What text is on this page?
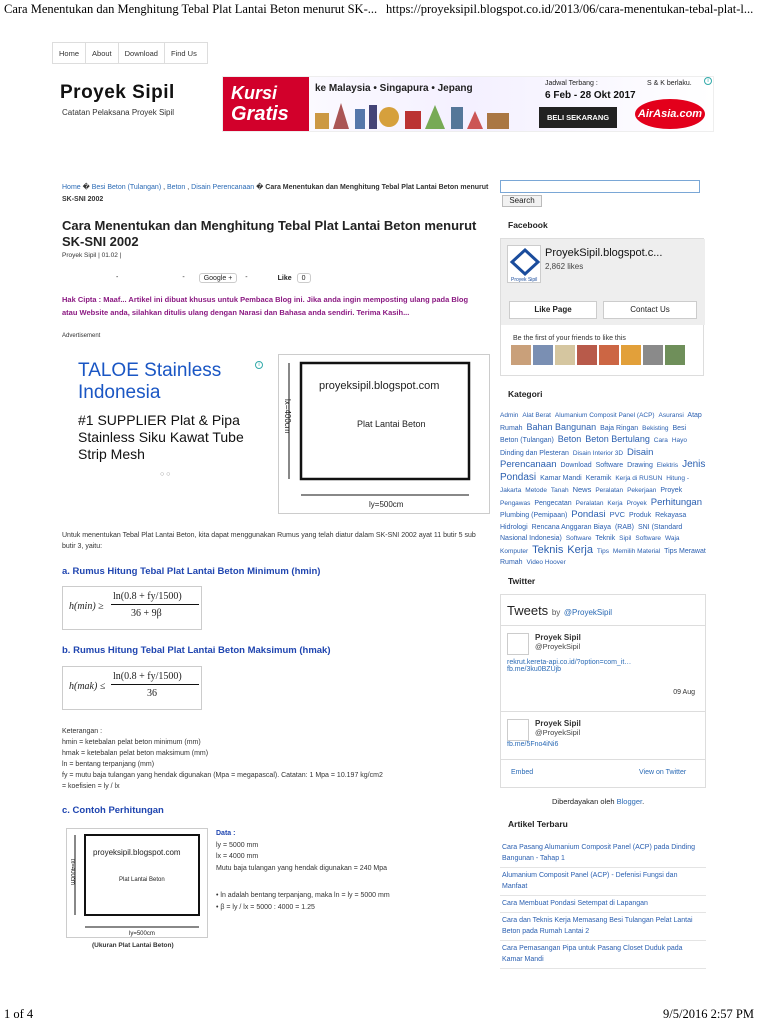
Cara Menentukan dan Menghitung Tebal Plat Lantai Beton menurut SK-... https://proyeksipil.blogspot.co.id/2013/06/cara-menentukan-tebal-plat-l...
Home	About	Download	Find Us
Proyek Sipil
Catatan Pelaksana Proyek Sipil
Kursi
Gratis
ke Malaysia • Singapura • Jepang	Jadwal Terbang :
6 Feb - 28 Okt 2017
BELI SEKARANG
S & K berlaku.
AirAsia.com
i
Home � Besi Beton (Tulangan) , Beton , Disain Perencanaan � Cara Menentukan dan Menghitung Tebal Plat Lantai Beton menurut SK-SNI 2002	Search
Cara Menentukan dan Menghitung Tebal Plat Lantai Beton menurut SK-SNI 2002
Proyek Sipil | 01.02 |
-	-	Google +	-	Like	0
Hak Cipta : Maaf... Artikel ini dibuat khusus untuk Pembaca Blog ini. Jika anda ingin memposting ulang pada Blog atau Website anda, silahkan ditulis ulang dengan Narasi dan Bahasa anda sendiri. Terima Kasih...
Advertisement
i
TALOE Stainless Indonesia
#1 SUPPLIER Plat & Pipa Stainless Siku Kawat Tube Strip Mesh
○ ○
proyeksipil.blogspot.com
Plat Lantai Beton
lx=400cm
ly=500cm
Untuk menentukan Tebal Plat Lantai Beton, kita dapat menggunakan Rumus yang telah diatur dalam SK-SNI 2002 ayat 11 butir 5 sub butir 3, yaitu:
a. Rumus Hitung Tebal Plat Lantai Beton Minimum (hmin)
h(min) ≥
ln(0.8 + fy/1500)
36 + 9β
b. Rumus Hitung Tebal Plat Lantai Beton Maksimum (hmak)
h(mak) ≤
ln(0.8 + fy/1500)
36
Keterangan :
hmin = ketebalan pelat beton minimum (mm)
hmak = ketebalan pelat beton maksimum (mm)
ln = bentang terpanjang (mm)
fy = mutu baja tulangan yang hendak digunakan (Mpa = megapascal). Catatan: 1 Mpa = 10.197 kg/cm2
= koefisien = ly / lx
c. Contoh Perhitungan
proyeksipil.blogspot.com
Plat Lantai Beton
lx=400cm
ly=500cm
(Ukuran Plat Lantai Beton)
Data :
ly = 5000 mm
lx = 4000 mm
Mutu baja tulangan yang hendak digunakan = 240 Mpa
• ln adalah bentang terpanjang, maka ln = ly = 5000 mm
• β = ly / lx = 5000 : 4000 = 1.25
Facebook
Proyek Sipil
ProyekSipil.blogspot.c...
2,862 likes
Like Page	Contact Us
Be the first of your friends to like this
Kategori
Admin Alat Berat Alumanium Composit Panel (ACP) Asuransi Atap Rumah Bahan Bangunan Baja Ringan Bekisting Besi Beton (Tulangan) Beton Beton Bertulang Cara Hayo Dinding dan Plesteran Disain Interior 3D Disain Perencanaan Download Software Drawing Elektris Jenis Pondasi Kamar Mandi Keramik Kerja di RUSUN Hitung - Jakarta Metode Tanah News Peralatan Pekerjaan Proyek Pengawas Pengecatan Peralatan Kerja Proyek Perhitungan Plumbing (Pemipaan) Pondasi PVC Produk Rekayasa Hidrologi Rencana Anggaran Biaya (RAB) SNI (Standard Nasional Indonesia) Software Teknik Sipil Software Waja Komputer Teknis Kerja Tips Memilih Material Tips Merawat Rumah Video Hoover
Twitter
Tweets by @ProyekSipil
Proyek Sipil
@ProyekSipil
rekrut.kereta-api.co.id/?option=com_it…
fb.me/3ku0BZUjb
09 Aug
Proyek Sipil
@ProyekSipil
fb.me/5Fno4iNi6
Embed	View on Twitter
Diberdayakan oleh Blogger.
Artikel Terbaru
Cara Pasang Alumanium Composit Panel (ACP) pada Dinding Bangunan - Tahap 1
Alumanium Composit Panel (ACP) - Defenisi Fungsi dan Manfaat
Cara Membuat Pondasi Setempat di Lapangan
Cara dan Teknis Kerja Memasang Besi Tulangan Pelat Lantai Beton pada Rumah Lantai 2
Cara Pemasangan Pipa untuk Pasang Closet Duduk pada Kamar Mandi
1 of 4	9/5/2016 2:57 PM
